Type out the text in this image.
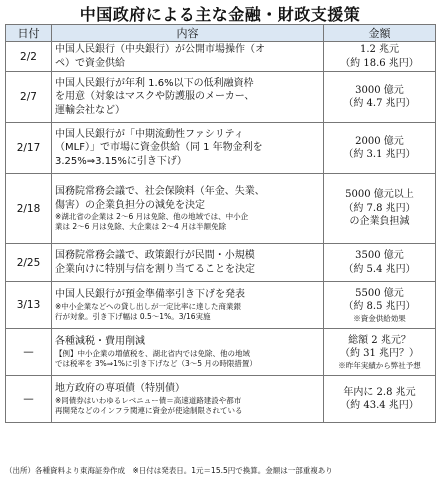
中国政府による主な金融・財政支援策
日付	内容	金額
2/2	中国人民銀行（中央銀行）が公開市場操作（オ
ペ）で資金供給	1.2 兆元
（約 18.6 兆円）

2/7	中国人民銀行が年利 1.6%以下の低利融資枠
を用意（対象はマスクや防護服のメーカー、
運輸会社など）	3000 億元
（約 4.7 兆円）

2/17	中国人民銀行が「中期流動性ファシリティ
（MLF）」で市場に資金供給（同 1 年物金利を
3.25%⇒3.15%に引き下げ）	2000 億元
（約 3.1 兆円）

2/18	国務院常務会議で、社会保険料（年金、失業、
傷害）の企業負担分の減免を決定
※湖北省の企業は 2～6 月は免除、他の地域では、中小企
業は 2～6 月は免除、大企業は 2～4 月は半額免除	5000 億元以上
（約 7.8 兆円）
の企業負担減

2/25	国務院常務会議で、政策銀行が民間・小規模
企業向けに特別与信を割り当てることを決定	3500 億元
（約 5.4 兆円）

3/13	中国人民銀行が預金準備率引き下げを発表
※中小企業などへの貸し出しが一定比率に達した商業銀
行が対象。引き下げ幅は 0.5～1%。3/16実施	5500 億元
（約 8.5 兆円）
※資金供給効果

—	各種減税・費用削減
【例】中小企業の増値税を、湖北省内では免除、他の地域
では税率を 3%⇒1%に引き下げなど（3～5 月の時限措置）	総額 2 兆元？
（約 31 兆円？）
※昨年実績から弊社予想

—	地方政府の専項債（特別債）
※同債券はいわゆるレベニュー債＝高速道路建設や都市
再開発などのインフラ関連に資金が使途制限されている	年内に 2.8 兆元
（約 43.4 兆円）
（出所）各種資料より東海証券作成　※日付は発表日。1元＝15.5円で換算。金額は一部重複あり
